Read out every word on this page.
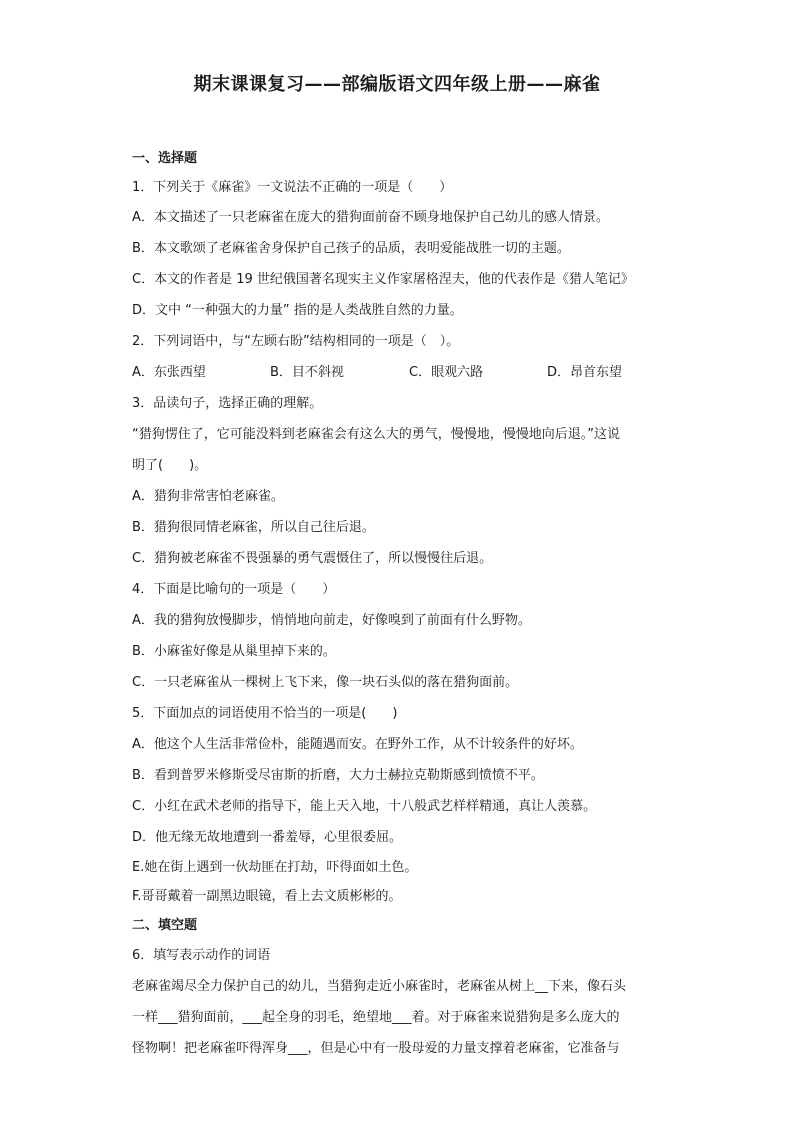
期末课课复习——部编版语文四年级上册——麻雀
一、选择题
1．下列关于《麻雀》一文说法不正确的一项是（　　）
A．本文描述了一只老麻雀在庞大的猎狗面前奋不顾身地保护自己幼儿的感人情景。
B．本文歌颂了老麻雀舍身保护自己孩子的品质，表明爱能战胜一切的主题。
C．本文的作者是 19 世纪俄国著名现实主义作家屠格涅夫，他的代表作是《猎人笔记》
D．文中 “一种强大的力量” 指的是人类战胜自然的力量。
2．下列词语中，与“左顾右盼”结构相同的一项是（　）。
A．东张西望	B．目不斜视	C．眼观六路	D．昂首东望
3．品读句子，选择正确的理解。
“猎狗愣住了，它可能没料到老麻雀会有这么大的勇气，慢慢地，慢慢地向后退。”这说
明了(　　)。
A．猎狗非常害怕老麻雀。
B．猎狗很同情老麻雀，所以自己往后退。
C．猎狗被老麻雀不畏强暴的勇气震慑住了，所以慢慢往后退。
4．下面是比喻句的一项是（　　）
A．我的猎狗放慢脚步，悄悄地向前走，好像嗅到了前面有什么野物。
B．小麻雀好像是从巢里掉下来的。
C．一只老麻雀从一棵树上飞下来，像一块石头似的落在猎狗面前。
5．下面加点的词语使用不恰当的一项是(　　)
A．他这个人生活非常俭朴，能随遇而安。在野外工作，从不计较条件的好坏。
B．看到普罗米修斯受尽宙斯的折磨，大力士赫拉克勒斯感到愤愤不平。
C．小红在武术老师的指导下，能上天入地，十八般武艺样样精通，真让人羡慕。
D．他无缘无故地遭到一番羞辱，心里很委屈。
E.她在街上遇到一伙劫匪在打劫，吓得面如土色。
F.哥哥戴着一副黑边眼镜，看上去文质彬彬的。
二、填空题
6．填写表示动作的词语
老麻雀竭尽全力保护自己的幼儿，当猎狗走近小麻雀时，老麻雀从树上__下来，像石头
一样___猎狗面前，___起全身的羽毛，绝望地___着。对于麻雀来说猎狗是多么庞大的
怪物啊！把老麻雀吓得浑身___，但是心中有一股母爱的力量支撑着老麻雀，它准备与
